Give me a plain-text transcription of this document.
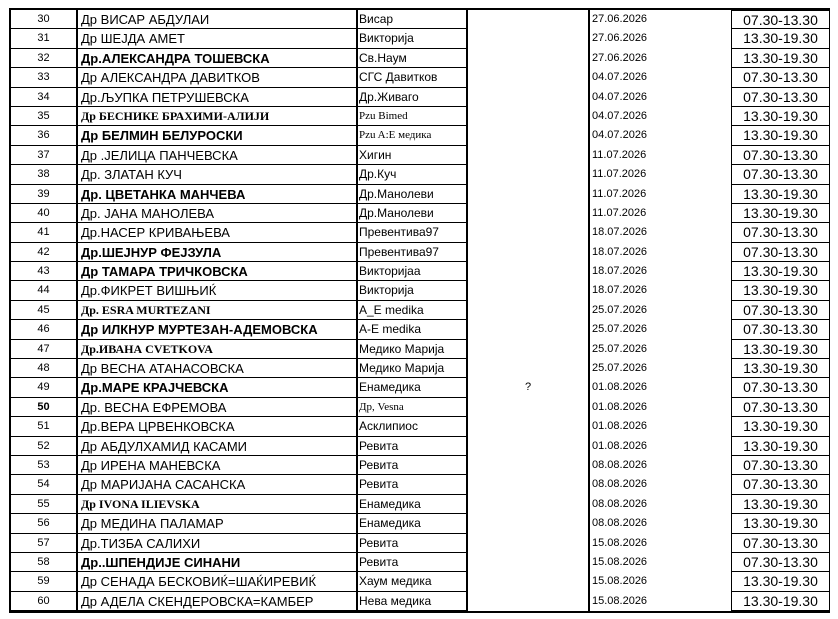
30	Др ВИСАР АБДУЛАИ	Висар	27.06.2026	07.30-13.30
31	Др ШЕЈДА АМЕТ	Викторија	27.06.2026	13.30-19.30
32	Др.АЛЕКСАНДРА ТОШЕВСКА	Св.Наум	27.06.2026	13.30-19.30
33	Др АЛЕКСАНДРА ДАВИТКОВ	СГС Давитков	04.07.2026	07.30-13.30
34	Др.ЉУПКА ПЕТРУШЕВСКА	Др.Живаго	04.07.2026	07.30-13.30
35	Др БЕСНИКЕ БРАХИМИ-АЛИЈИ	Pzu Bimed	04.07.2026	13.30-19.30
36	Др БЕЛМИН БЕЛУРОСКИ	Pzu A:E медика	04.07.2026	13.30-19.30
37	Др .ЈЕЛИЦА ПАНЧЕВСКА	Хигин	11.07.2026	07.30-13.30
38	Др. ЗЛАТАН КУЧ	Др.Куч	11.07.2026	07.30-13.30
39	Др. ЦВЕТАНКА МАНЧЕВА	Др.Манолеви	11.07.2026	13.30-19.30
40	Др. ЈАНА МАНОЛЕВА	Др.Манолеви	11.07.2026	13.30-19.30
41	Др.НАСЕР КРИВАЊЕВА	Превентива97	18.07.2026	07.30-13.30
42	Др.ШЕЈНУР ФЕЈЗУЛА	Превентива97	18.07.2026	07.30-13.30
43	Др ТАМАРА ТРИЧКОВСКА	Викторијаа	18.07.2026	13.30-19.30
44	Др.ФИКРЕТ ВИШЊИЌ	Викторија	18.07.2026	13.30-19.30
45	Др. ESRA MURTEZANI	А_Е medika	25.07.2026	07.30-13.30
46	Др ИЛКНУР МУРТЕЗАН-АДЕМОВСКА	А-Е medika	25.07.2026	07.30-13.30
47	Др.ИВАНА CVETKOVA	Медико Марија	25.07.2026	13.30-19.30
48	Др ВЕСНА АТАНАСОВСКА	Медико Марија	25.07.2026	13.30-19.30
49	Др.МАРЕ КРАЈЧЕВСКА	Енамедика	?	01.08.2026	07.30-13.30
50	Др. ВЕСНА ЕФРЕМОВА	Др, Vesna	01.08.2026	07.30-13.30
51	Др.ВЕРА ЦРВЕНКОВСКА	Асклипиос	01.08.2026	13.30-19.30
52	Др АБДУЛХАМИД КАСАМИ	Ревита	01.08.2026	13.30-19.30
53	Др ИРЕНА МАНЕВСКА	Ревита	08.08.2026	07.30-13.30
54	Др МАРИЈАНА САСАНСКА	Ревита	08.08.2026	07.30-13.30
55	Др IVONA ILIEVSKA	Енамедика	08.08.2026	13.30-19.30
56	Др МЕДИНА ПАЛАМАР	Енамедика	08.08.2026	13.30-19.30
57	Др.ТИЗБА САЛИХИ	Ревита	15.08.2026	07.30-13.30
58	Др..ШПЕНДИЈЕ СИНАНИ	Ревита	15.08.2026	07.30-13.30
59	Др СЕНАДА БЕСКОВИЌ=ШАЌИРЕВИЌ	Хаум медика	15.08.2026	13.30-19.30
60	Др АДЕЛА СКЕНДЕРОВСКА=КАМБЕР	Нева медика	15.08.2026	13.30-19.30
